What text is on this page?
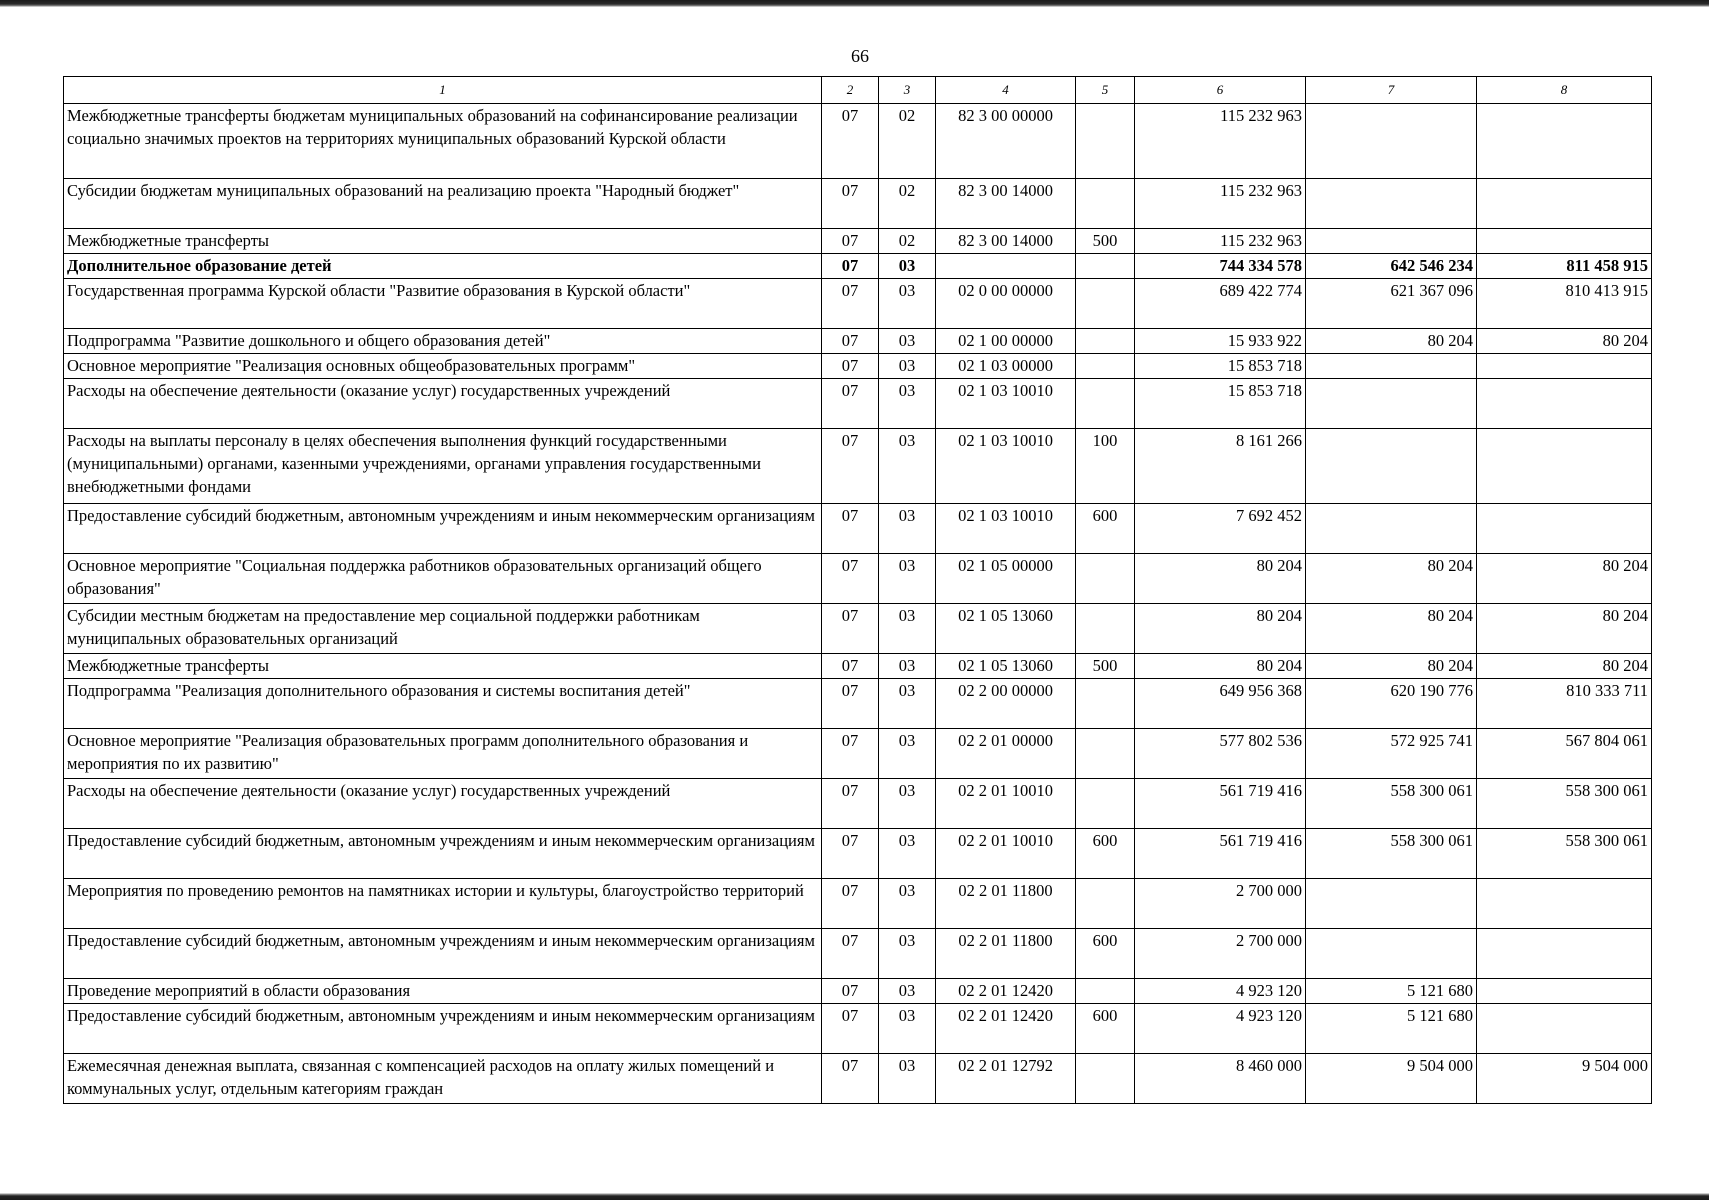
66
1	2	3	4	5	6	7	8
Межбюджетные трансферты бюджетам муниципальных образований на софинансирование реализации социально значимых проектов на территориях муниципальных образований Курской области	07	02	82 3 00 00000		115 232 963		
Субсидии бюджетам муниципальных образований на реализацию проекта "Народный бюджет"	07	02	82 3 00 14000		115 232 963		
Межбюджетные трансферты	07	02	82 3 00 14000	500	115 232 963		
Дополнительное образование детей	07	03			744 334 578	642 546 234	811 458 915
Государственная программа Курской области "Развитие образования в Курской области"	07	03	02 0 00 00000		689 422 774	621 367 096	810 413 915
Подпрограмма "Развитие дошкольного и общего образования детей"	07	03	02 1 00 00000		15 933 922	80 204	80 204
Основное мероприятие "Реализация основных общеобразовательных программ"	07	03	02 1 03 00000		15 853 718		
Расходы на обеспечение деятельности (оказание услуг) государственных учреждений	07	03	02 1 03 10010		15 853 718		
Расходы на выплаты персоналу в целях обеспечения выполнения функций государственными (муниципальными) органами, казенными учреждениями, органами управления государственными внебюджетными фондами	07	03	02 1 03 10010	100	8 161 266		
Предоставление субсидий бюджетным, автономным учреждениям и иным некоммерческим организациям	07	03	02 1 03 10010	600	7 692 452		
Основное мероприятие "Социальная поддержка работников образовательных организаций общего образования"	07	03	02 1 05 00000		80 204	80 204	80 204
Субсидии местным бюджетам на предоставление мер социальной поддержки работникам муниципальных образовательных организаций	07	03	02 1 05 13060		80 204	80 204	80 204
Межбюджетные трансферты	07	03	02 1 05 13060	500	80 204	80 204	80 204
Подпрограмма "Реализация дополнительного образования и системы воспитания детей"	07	03	02 2 00 00000		649 956 368	620 190 776	810 333 711
Основное мероприятие "Реализация образовательных программ дополнительного образования и мероприятия по их развитию"	07	03	02 2 01 00000		577 802 536	572 925 741	567 804 061
Расходы на обеспечение деятельности (оказание услуг) государственных учреждений	07	03	02 2 01 10010		561 719 416	558 300 061	558 300 061
Предоставление субсидий бюджетным, автономным учреждениям и иным некоммерческим организациям	07	03	02 2 01 10010	600	561 719 416	558 300 061	558 300 061
Мероприятия по проведению ремонтов на памятниках истории и культуры, благоустройство территорий	07	03	02 2 01 11800		2 700 000		
Предоставление субсидий бюджетным, автономным учреждениям и иным некоммерческим организациям	07	03	02 2 01 11800	600	2 700 000		
Проведение мероприятий в области образования	07	03	02 2 01 12420		4 923 120	5 121 680	
Предоставление субсидий бюджетным, автономным учреждениям и иным некоммерческим организациям	07	03	02 2 01 12420	600	4 923 120	5 121 680	
Ежемесячная денежная выплата, связанная с компенсацией расходов на оплату жилых помещений и коммунальных услуг, отдельным категориям граждан	07	03	02 2 01 12792		8 460 000	9 504 000	9 504 000
